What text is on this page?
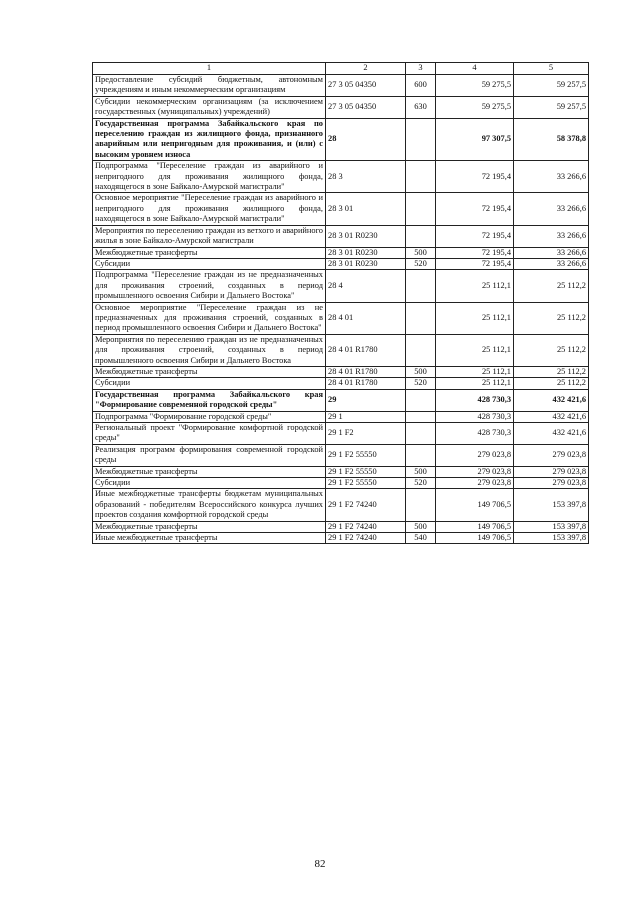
1	2	3	4	5
Предоставление субсидий бюджетным, автономным учреждениям и иным некоммерческим организациям	27 3 05 04350	600	59 275,5	59 257,5
Субсидии некоммерческим организациям (за исключением государственных (муниципальных) учреждений)	27 3 05 04350	630	59 275,5	59 257,5
Государственная программа Забайкальского края по переселению граждан из жилищного фонда, признанного аварийным или непригодным для проживания, и (или) с высоким уровнем износа	28		97 307,5	58 378,8
Подпрограмма "Переселение граждан из аварийного и непригодного для проживания жилищного фонда, находящегося в зоне Байкало-Амурской магистрали"	28 3		72 195,4	33 266,6
Основное мероприятие "Переселение граждан из аварийного и непригодного для проживания жилищного фонда, находящегося в зоне Байкало-Амурской магистрали"	28 3 01		72 195,4	33 266,6
Мероприятия по переселению граждан из ветхого и аварийного жилья в зоне Байкало-Амурской магистрали	28 3 01 R0230		72 195,4	33 266,6
Межбюджетные трансферты	28 3 01 R0230	500	72 195,4	33 266,6
Субсидии	28 3 01 R0230	520	72 195,4	33 266,6
Подпрограмма "Переселение граждан из не предназначенных для проживания строений, созданных в период промышленного освоения Сибири и Дальнего Востока"	28 4		25 112,1	25 112,2
Основное мероприятие "Переселение граждан из не предназначенных для проживания строений, созданных в период промышленного освоения Сибири и Дальнего Востока"	28 4 01		25 112,1	25 112,2
Мероприятия по переселению граждан из не предназначенных для проживания строений, созданных в период промышленного освоения Сибири и Дальнего Востока	28 4 01 R1780		25 112,1	25 112,2
Межбюджетные трансферты	28 4 01 R1780	500	25 112,1	25 112,2
Субсидии	28 4 01 R1780	520	25 112,1	25 112,2
Государственная программа Забайкальского края "Формирование современной городской среды"	29		428 730,3	432 421,6
Подпрограмма "Формирование городской среды"	29 1		428 730,3	432 421,6
Региональный проект "Формирование комфортной городской среды"	29 1 F2		428 730,3	432 421,6
Реализация программ формирования современной городской среды	29 1 F2 55550		279 023,8	279 023,8
Межбюджетные трансферты	29 1 F2 55550	500	279 023,8	279 023,8
Субсидии	29 1 F2 55550	520	279 023,8	279 023,8
Иные межбюджетные трансферты бюджетам муниципальных образований - победителям Всероссийского конкурса лучших проектов создания комфортной городской среды	29 1 F2 74240		149 706,5	153 397,8
Межбюджетные трансферты	29 1 F2 74240	500	149 706,5	153 397,8
Иные межбюджетные трансферты	29 1 F2 74240	540	149 706,5	153 397,8
82
